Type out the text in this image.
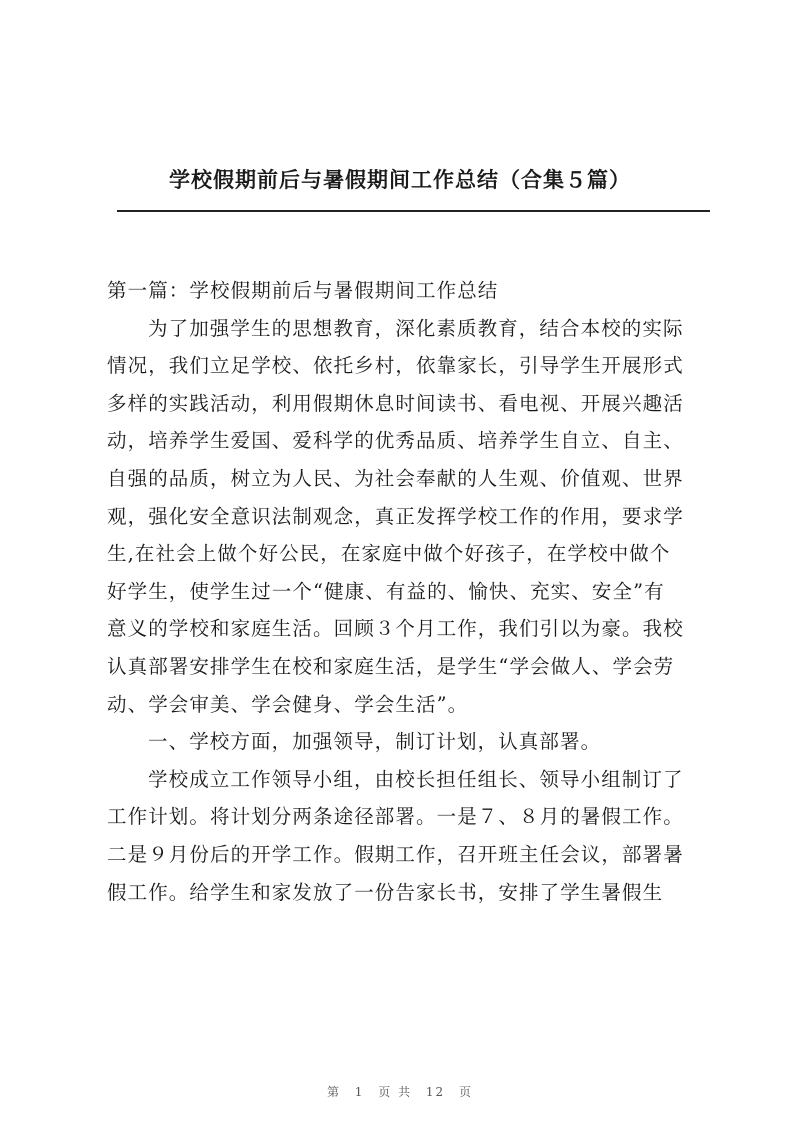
学校假期前后与暑假期间工作总结（合集５篇）
第一篇：学校假期前后与暑假期间工作总结
为了加强学生的思想教育，深化素质教育，结合本校的实际
情况，我们立足学校、依托乡村，依靠家长，引导学生开展形式
多样的实践活动，利用假期休息时间读书、看电视、开展兴趣活
动，培养学生爱国、爱科学的优秀品质、培养学生自立、自主、
自强的品质，树立为人民、为社会奉献的人生观、价值观、世界
观，强化安全意识法制观念，真正发挥学校工作的作用，要求学
生,在社会上做个好公民，在家庭中做个好孩子，在学校中做个
好学生，使学生过一个“健康、有益的、愉快、充实、安全”有
意义的学校和家庭生活。回顾３个月工作，我们引以为豪。我校
认真部署安排学生在校和家庭生活，是学生“学会做人、学会劳
动、学会审美、学会健身、学会生活”。
一、学校方面，加强领导，制订计划，认真部署。
学校成立工作领导小组，由校长担任组长、领导小组制订了
工作计划。将计划分两条途径部署。一是７、８月的暑假工作。
二是９月份后的开学工作。假期工作，召开班主任会议，部署暑
假工作。给学生和家发放了一份告家长书，安排了学生暑假生
第 1 页 共 12 页
